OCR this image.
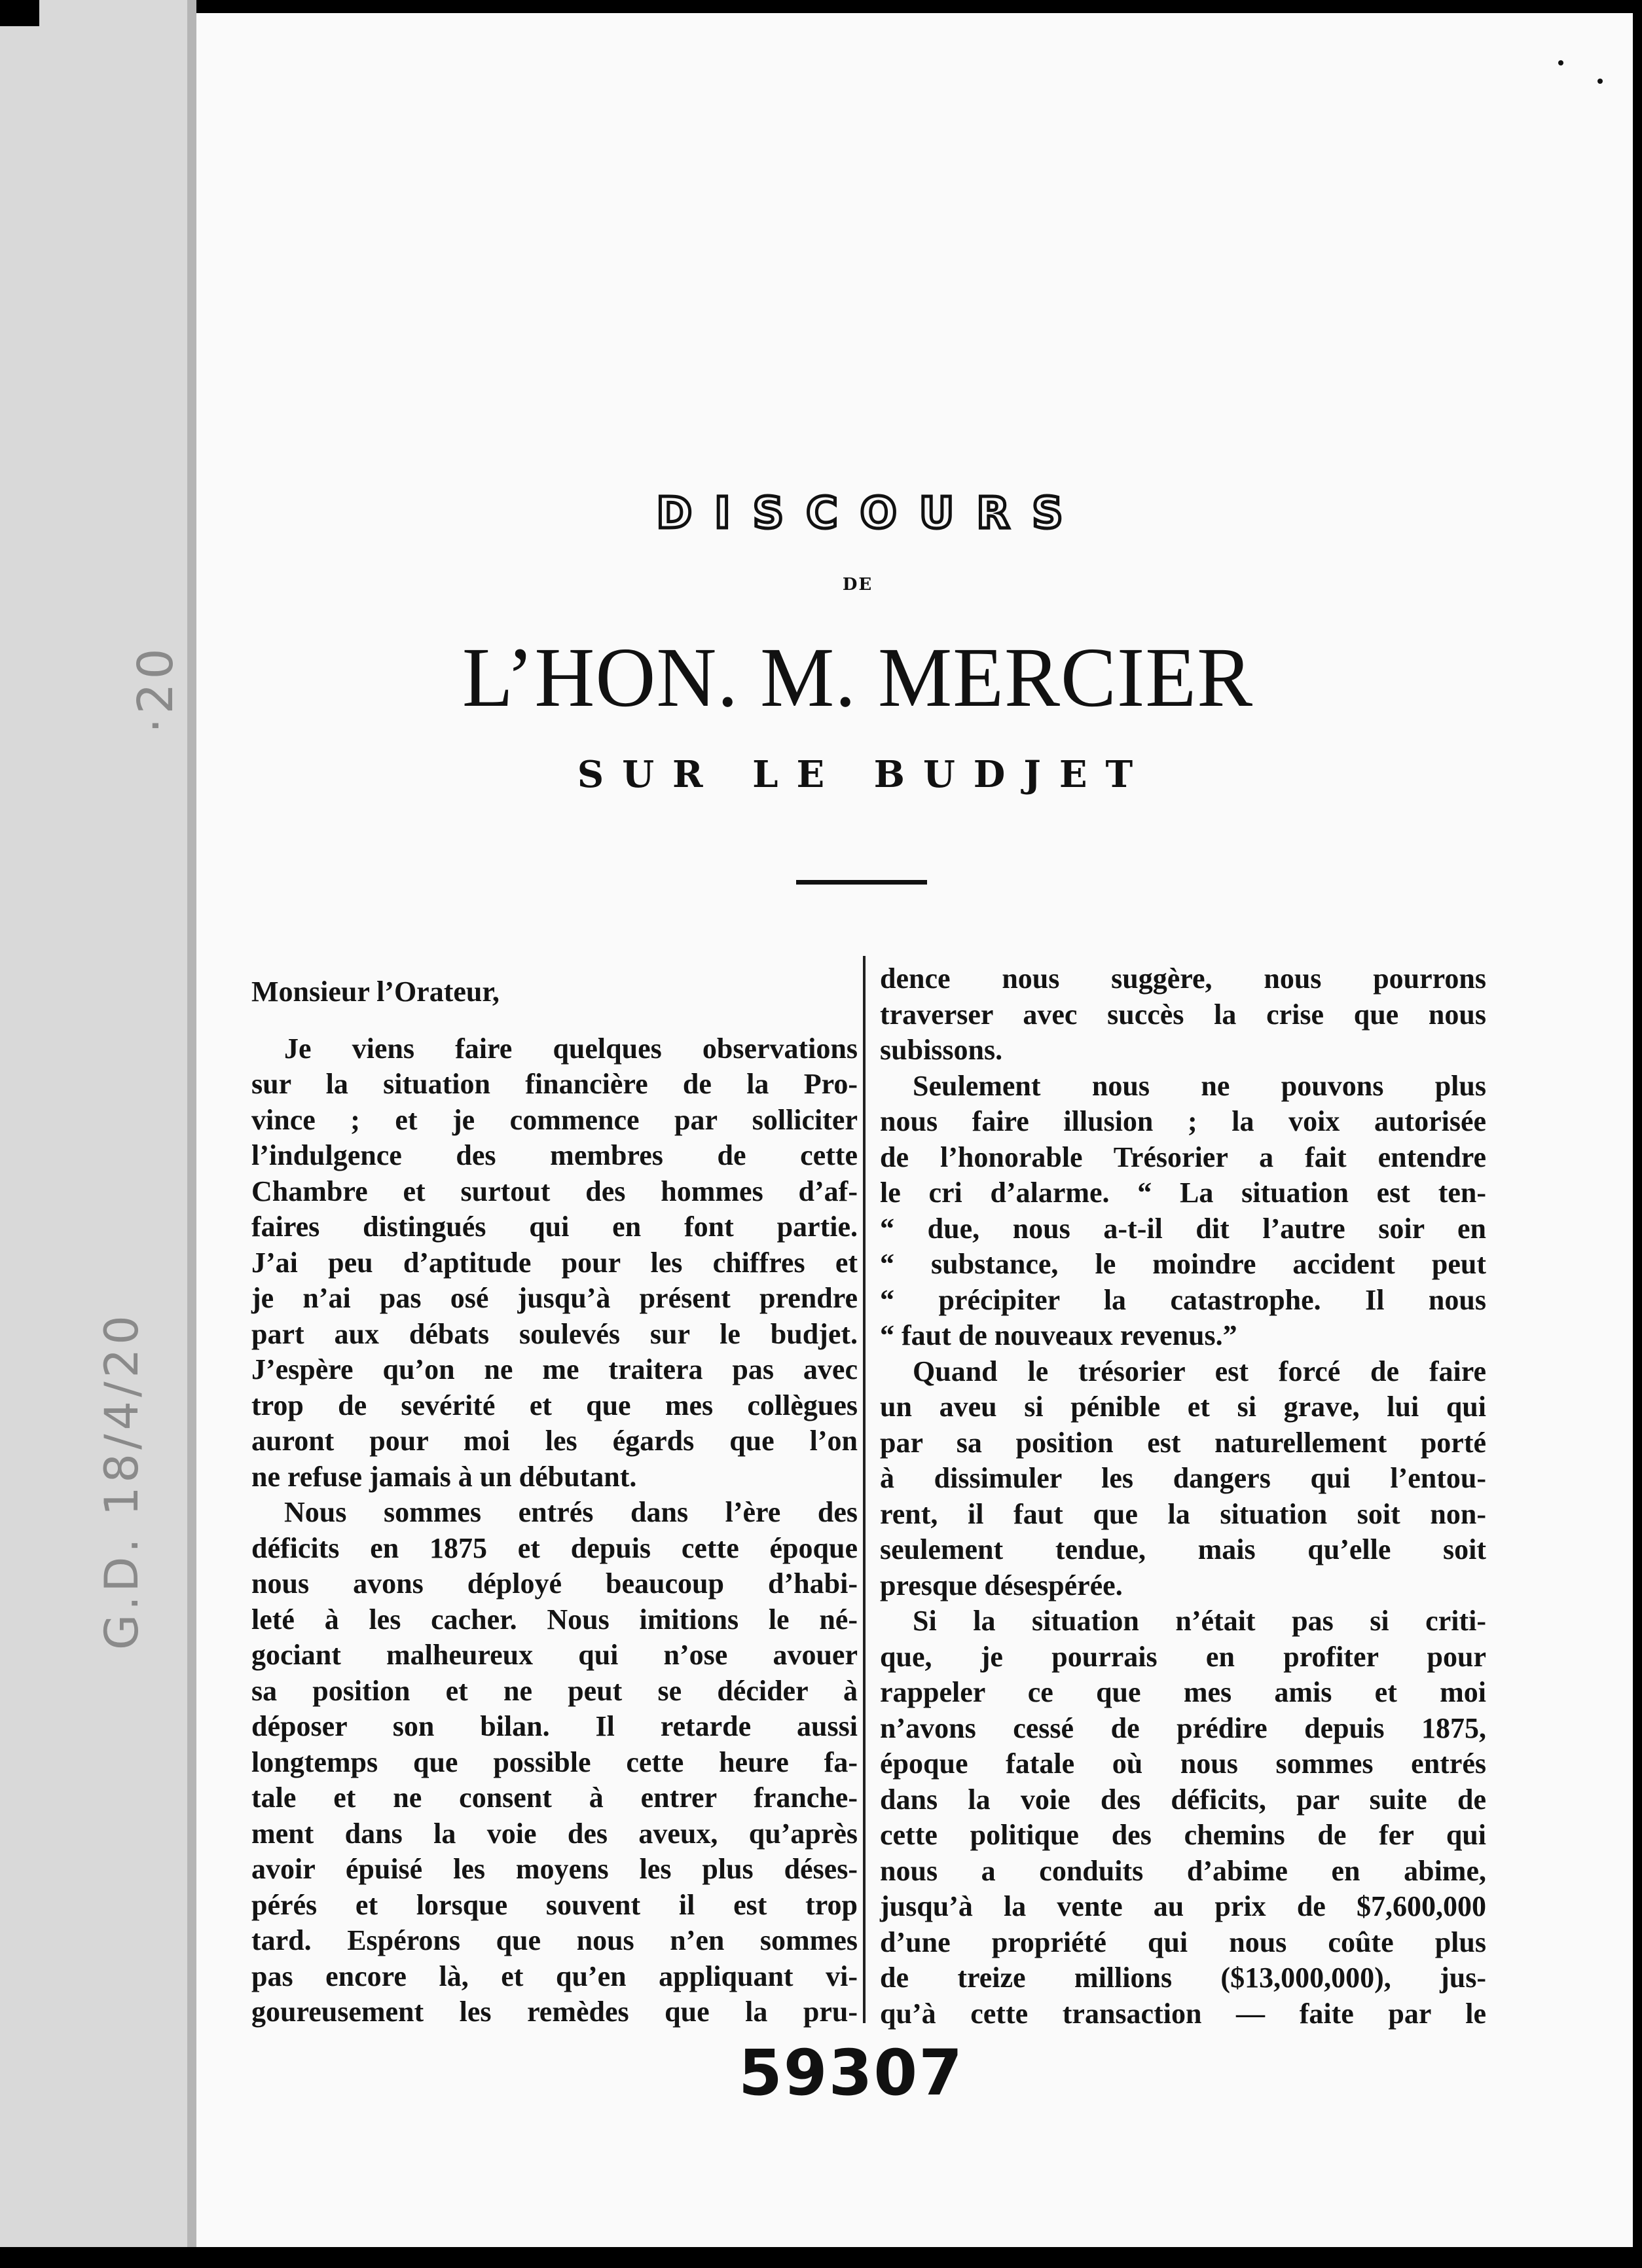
·20
G.D. 18/4/20
DISCOURS
DE
L’HON. M. MERCIER
SUR LE BUDJET
Monsieur l’Orateur,
Je viens faire quelques observations
sur la situation financière de la Pro-
vince ; et je commence par solliciter
l’indulgence des membres de cette
Chambre et surtout des hommes d’af-
faires distingués qui en font partie.
J’ai peu d’aptitude pour les chiffres et
je n’ai pas osé jusqu’à présent prendre
part aux débats soulevés sur le budjet.
J’espère qu’on ne me traitera pas avec
trop de sevérité et que mes collègues
auront pour moi les égards que l’on
ne refuse jamais à un débutant.
Nous sommes entrés dans l’ère des
déficits en 1875 et depuis cette époque
nous avons déployé beaucoup d’habi-
leté à les cacher. Nous imitions le né-
gociant malheureux qui n’ose avouer
sa position et ne peut se décider à
déposer son bilan. Il retarde aussi
longtemps que possible cette heure fa-
tale et ne consent à entrer franche-
ment dans la voie des aveux, qu’après
avoir épuisé les moyens les plus déses-
pérés et lorsque souvent il est trop
tard. Espérons que nous n’en sommes
pas encore là, et qu’en appliquant vi-
goureusement les remèdes que la pru-
dence nous suggère, nous pourrons
traverser avec succès la crise que nous
subissons.
Seulement nous ne pouvons plus
nous faire illusion ; la voix autorisée
de l’honorable Trésorier a fait entendre
le cri d’alarme. “ La situation est ten-
“ due, nous a-t-il dit l’autre soir en
“ substance, le moindre accident peut
“ précipiter la catastrophe. Il nous
“ faut de nouveaux revenus.”
Quand le trésorier est forcé de faire
un aveu si pénible et si grave, lui qui
par sa position est naturellement porté
à dissimuler les dangers qui l’entou-
rent, il faut que la situation soit non-
seulement tendue, mais qu’elle soit
presque désespérée.
Si la situation n’était pas si criti-
que, je pourrais en profiter pour
rappeler ce que mes amis et moi
n’avons cessé de prédire depuis 1875,
époque fatale où nous sommes entrés
dans la voie des déficits, par suite de
cette politique des chemins de fer qui
nous a conduits d’abime en abime,
jusqu’à la vente au prix de $7,600,000
d’une propriété qui nous coûte plus
de treize millions ($13,000,000), jus-
qu’à cette transaction — faite par le
59307
